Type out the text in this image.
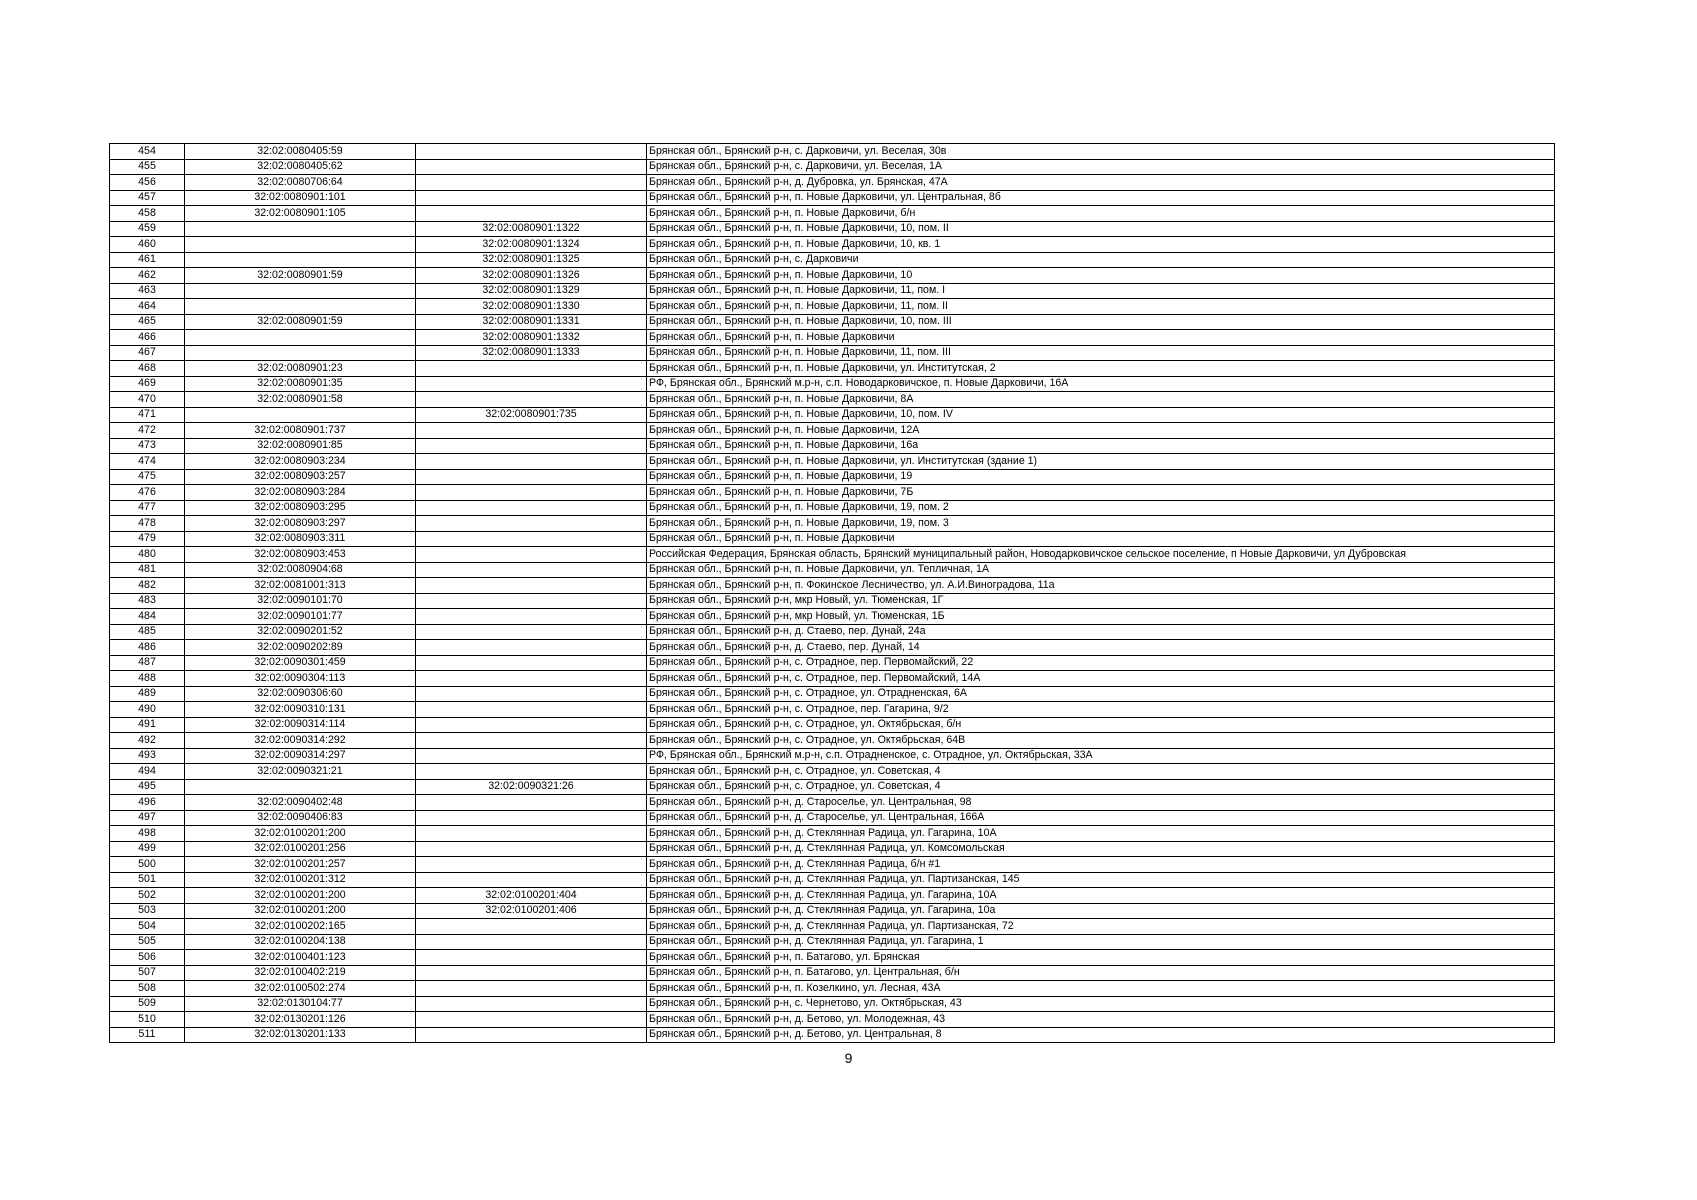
454	32:02:0080405:59		Брянская обл., Брянский р-н, с. Дарковичи, ул. Веселая, 30в
455	32:02:0080405:62		Брянская обл., Брянский р-н, с. Дарковичи, ул. Веселая, 1А
456	32:02:0080706:64		Брянская обл., Брянский р-н, д. Дубровка, ул. Брянская, 47А
457	32:02:0080901:101		Брянская обл., Брянский р-н, п. Новые Дарковичи, ул. Центральная, 8б
458	32:02:0080901:105		Брянская обл., Брянский р-н, п. Новые Дарковичи, б/н
459		32:02:0080901:1322	Брянская обл., Брянский р-н, п. Новые Дарковичи, 10, пом. II
460		32:02:0080901:1324	Брянская обл., Брянский р-н, п. Новые Дарковичи, 10, кв. 1
461		32:02:0080901:1325	Брянская обл., Брянский р-н, с. Дарковичи
462	32:02:0080901:59	32:02:0080901:1326	Брянская обл., Брянский р-н, п. Новые Дарковичи, 10
463		32:02:0080901:1329	Брянская обл., Брянский р-н, п. Новые Дарковичи, 11, пом. I
464		32:02:0080901:1330	Брянская обл., Брянский р-н, п. Новые Дарковичи, 11, пом. II
465	32:02:0080901:59	32:02:0080901:1331	Брянская обл., Брянский р-н, п. Новые Дарковичи, 10, пом. III
466		32:02:0080901:1332	Брянская обл., Брянский р-н, п. Новые Дарковичи
467		32:02:0080901:1333	Брянская обл., Брянский р-н, п. Новые Дарковичи, 11, пом. III
468	32:02:0080901:23		Брянская обл., Брянский р-н, п. Новые Дарковичи, ул. Институтская, 2
469	32:02:0080901:35		РФ, Брянская обл., Брянский м.р-н, с.п. Новодарковичское, п. Новые Дарковичи, 16А
470	32:02:0080901:58		Брянская обл., Брянский р-н, п. Новые Дарковичи, 8А
471		32:02:0080901:735	Брянская обл., Брянский р-н, п. Новые Дарковичи, 10, пом. IV
472	32:02:0080901:737		Брянская обл., Брянский р-н, п. Новые Дарковичи, 12А
473	32:02:0080901:85		Брянская обл., Брянский р-н, п. Новые Дарковичи, 16а
474	32:02:0080903:234		Брянская обл., Брянский р-н, п. Новые Дарковичи, ул. Институтская (здание 1)
475	32:02:0080903:257		Брянская обл., Брянский р-н, п. Новые Дарковичи, 19
476	32:02:0080903:284		Брянская обл., Брянский р-н, п. Новые Дарковичи, 7Б
477	32:02:0080903:295		Брянская обл., Брянский р-н, п. Новые Дарковичи, 19, пом. 2
478	32:02:0080903:297		Брянская обл., Брянский р-н, п. Новые Дарковичи, 19, пом. 3
479	32:02:0080903:311		Брянская обл., Брянский р-н, п. Новые Дарковичи
480	32:02:0080903:453		Российская Федерация, Брянская область, Брянский муниципальный район, Новодарковичское сельское поселение, п Новые Дарковичи, ул Дубровская
481	32:02:0080904:68		Брянская обл., Брянский р-н, п. Новые Дарковичи, ул. Тепличная, 1А
482	32:02:0081001:313		Брянская обл., Брянский р-н, п. Фокинское Лесничество, ул. А.И.Виноградова, 11а
483	32:02:0090101:70		Брянская обл., Брянский р-н, мкр Новый, ул. Тюменская, 1Г
484	32:02:0090101:77		Брянская обл., Брянский р-н, мкр Новый, ул. Тюменская, 1Б
485	32:02:0090201:52		Брянская обл., Брянский р-н, д. Стаево, пер. Дунай, 24а
486	32:02:0090202:89		Брянская обл., Брянский р-н, д. Стаево, пер. Дунай, 14
487	32:02:0090301:459		Брянская обл., Брянский р-н, с. Отрадное, пер. Первомайский, 22
488	32:02:0090304:113		Брянская обл., Брянский р-н, с. Отрадное, пер. Первомайский, 14А
489	32:02:0090306:60		Брянская обл., Брянский р-н, с. Отрадное, ул. Отрадненская, 6А
490	32:02:0090310:131		Брянская обл., Брянский р-н, с. Отрадное, пер. Гагарина, 9/2
491	32:02:0090314:114		Брянская обл., Брянский р-н, с. Отрадное, ул. Октябрьская, б/н
492	32:02:0090314:292		Брянская обл., Брянский р-н, с. Отрадное, ул. Октябрьская, 64В
493	32:02:0090314:297		РФ, Брянская обл., Брянский м.р-н, с.п. Отрадненское, с. Отрадное, ул. Октябрьская, 33А
494	32:02:0090321:21		Брянская обл., Брянский р-н, с. Отрадное, ул. Советская, 4
495		32:02:0090321:26	Брянская обл., Брянский р-н, с. Отрадное, ул. Советская, 4
496	32:02:0090402:48		Брянская обл., Брянский р-н, д. Староселье, ул. Центральная, 98
497	32:02:0090406:83		Брянская обл., Брянский р-н, д. Староселье, ул. Центральная, 166А
498	32:02:0100201:200		Брянская обл., Брянский р-н, д. Стеклянная Радица, ул. Гагарина, 10А
499	32:02:0100201:256		Брянская обл., Брянский р-н, д. Стеклянная Радица, ул. Комсомольская
500	32:02:0100201:257		Брянская обл., Брянский р-н, д. Стеклянная Радица, б/н #1
501	32:02:0100201:312		Брянская обл., Брянский р-н, д. Стеклянная Радица, ул. Партизанская, 145
502	32:02:0100201:200	32:02:0100201:404	Брянская обл., Брянский р-н, д. Стеклянная Радица, ул. Гагарина, 10А
503	32:02:0100201:200	32:02:0100201:406	Брянская обл., Брянский р-н, д. Стеклянная Радица, ул. Гагарина, 10а
504	32:02:0100202:165		Брянская обл., Брянский р-н, д. Стеклянная Радица, ул. Партизанская, 72
505	32:02:0100204:138		Брянская обл., Брянский р-н, д. Стеклянная Радица, ул. Гагарина, 1
506	32:02:0100401:123		Брянская обл., Брянский р-н, п. Батагово, ул. Брянская
507	32:02:0100402:219		Брянская обл., Брянский р-н, п. Батагово, ул. Центральная, б/н
508	32:02:0100502:274		Брянская обл., Брянский р-н, п. Козелкино, ул. Лесная, 43А
509	32:02:0130104:77		Брянская обл., Брянский р-н, с. Чернетово, ул. Октябрьская, 43
510	32:02:0130201:126		Брянская обл., Брянский р-н, д. Бетово, ул. Молодежная, 43
511	32:02:0130201:133		Брянская обл., Брянский р-н, д. Бетово, ул. Центральная, 8
9
